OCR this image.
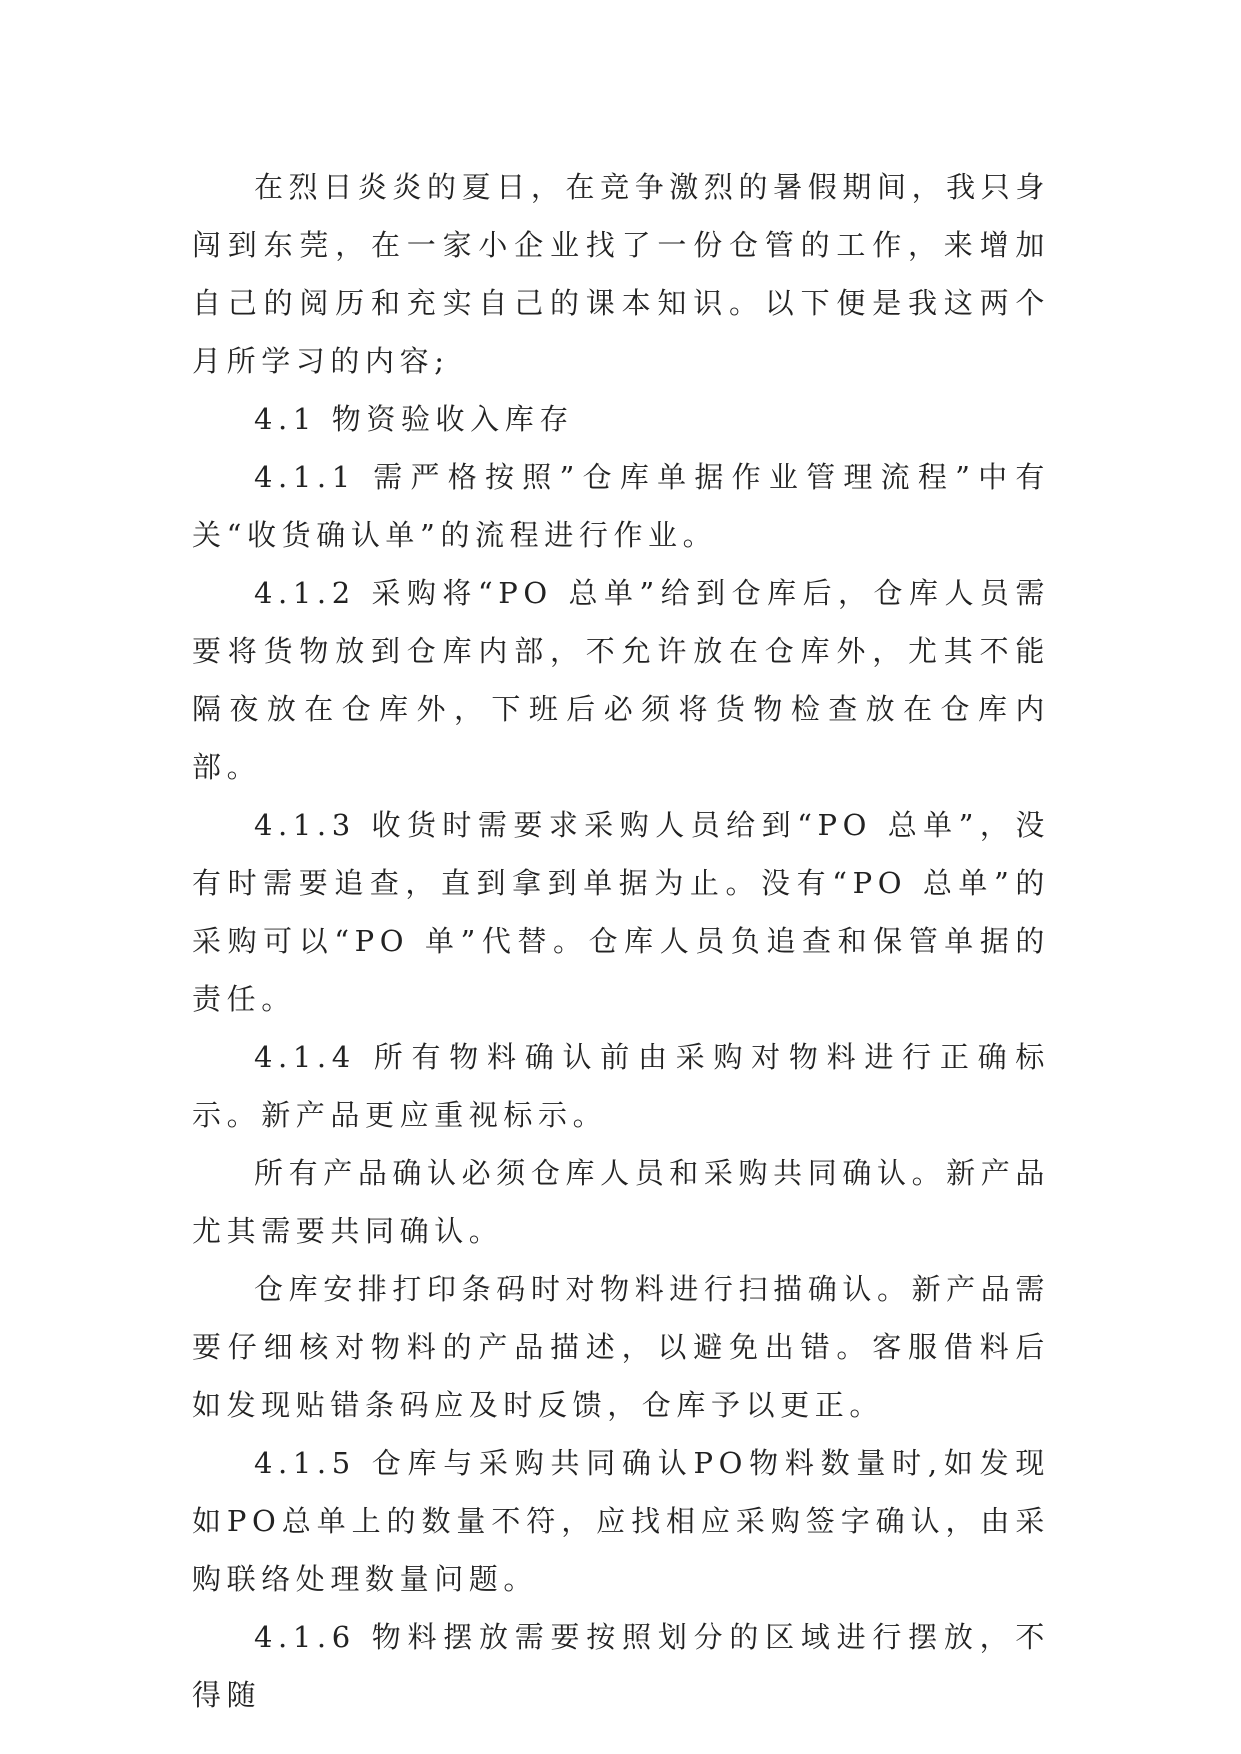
在烈日炎炎的夏日，在竞争激烈的暑假期间，我只身闯到东莞，在一家小企业找了一份仓管的工作，来增加自己的阅历和充实自己的课本知识。以下便是我这两个月所学习的内容;

4.1 物资验收入库存

4.1.1 需严格按照”仓库单据作业管理流程”中有关“收货确认单”的流程进行作业。

4.1.2 采购将“PO 总单”给到仓库后，仓库人员需要将货物放到仓库内部，不允许放在仓库外，尤其不能隔夜放在仓库外，下班后必须将货物检查放在仓库内部。

4.1.3 收货时需要求采购人员给到“PO 总单”，没有时需要追查，直到拿到单据为止。没有“PO 总单”的采购可以“PO 单”代替。仓库人员负追查和保管单据的责任。

4.1.4 所有物料确认前由采购对物料进行正确标示。新产品更应重视标示。

所有产品确认必须仓库人员和采购共同确认。新产品尤其需要共同确认。

仓库安排打印条码时对物料进行扫描确认。新产品需要仔细核对物料的产品描述，以避免出错。客服借料后如发现贴错条码应及时反馈，仓库予以更正。

4.1.5 仓库与采购共同确认PO物料数量时,如发现如PO总单上的数量不符，应找相应采购签字确认，由采购联络处理数量问题。

4.1.6 物料摆放需要按照划分的区域进行摆放，不得随
